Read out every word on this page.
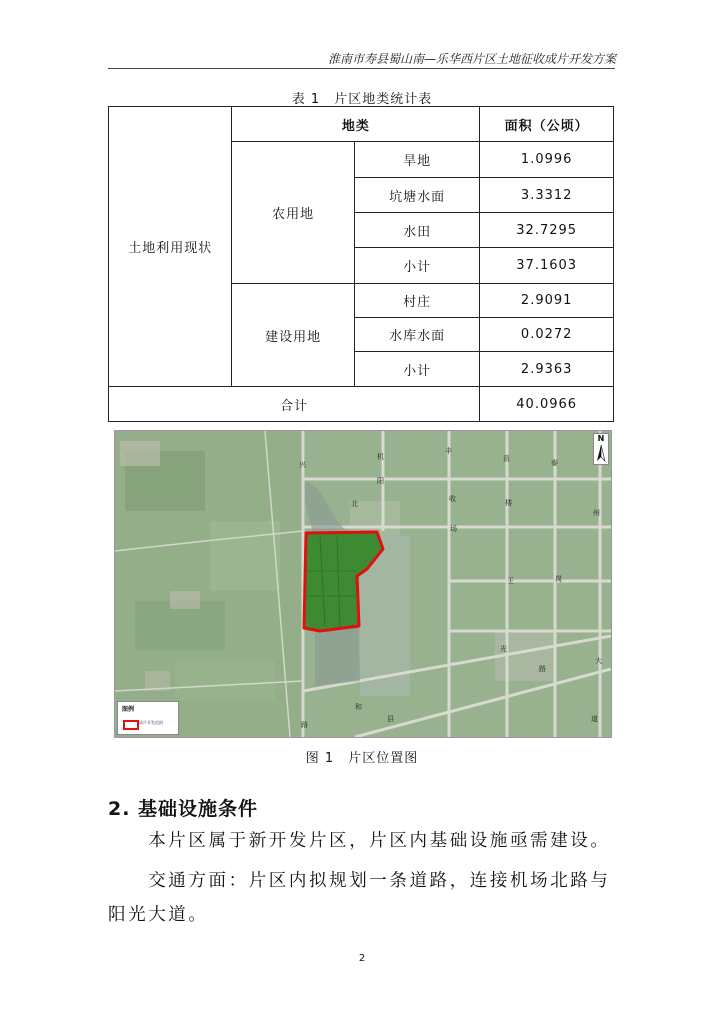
淮南市寿县蜀山南—乐华西片区土地征收成片开发方案
表 1　片区地类统计表
土地利用现状	地类		面积（公顷）
	农用地	旱地	1.0996
		坑塘水面	3.3312
		水田	32.7295
		小计	37.1603
	建设用地	村庄	2.9091
		水库水面	0.0272
		小计	2.9363
合计			40.0966
兴
机
丰
资	泰
阳
场
北
收	楼
王	岗
光
大
路
道
州
和
县
路
N
图例
成片开发范围
图 1　片区位置图
2. 基础设施条件
　　本片区属于新开发片区，片区内基础设施亟需建设。
　　交通方面：片区内拟规划一条道路，连接机场北路与阳光大道。
2
